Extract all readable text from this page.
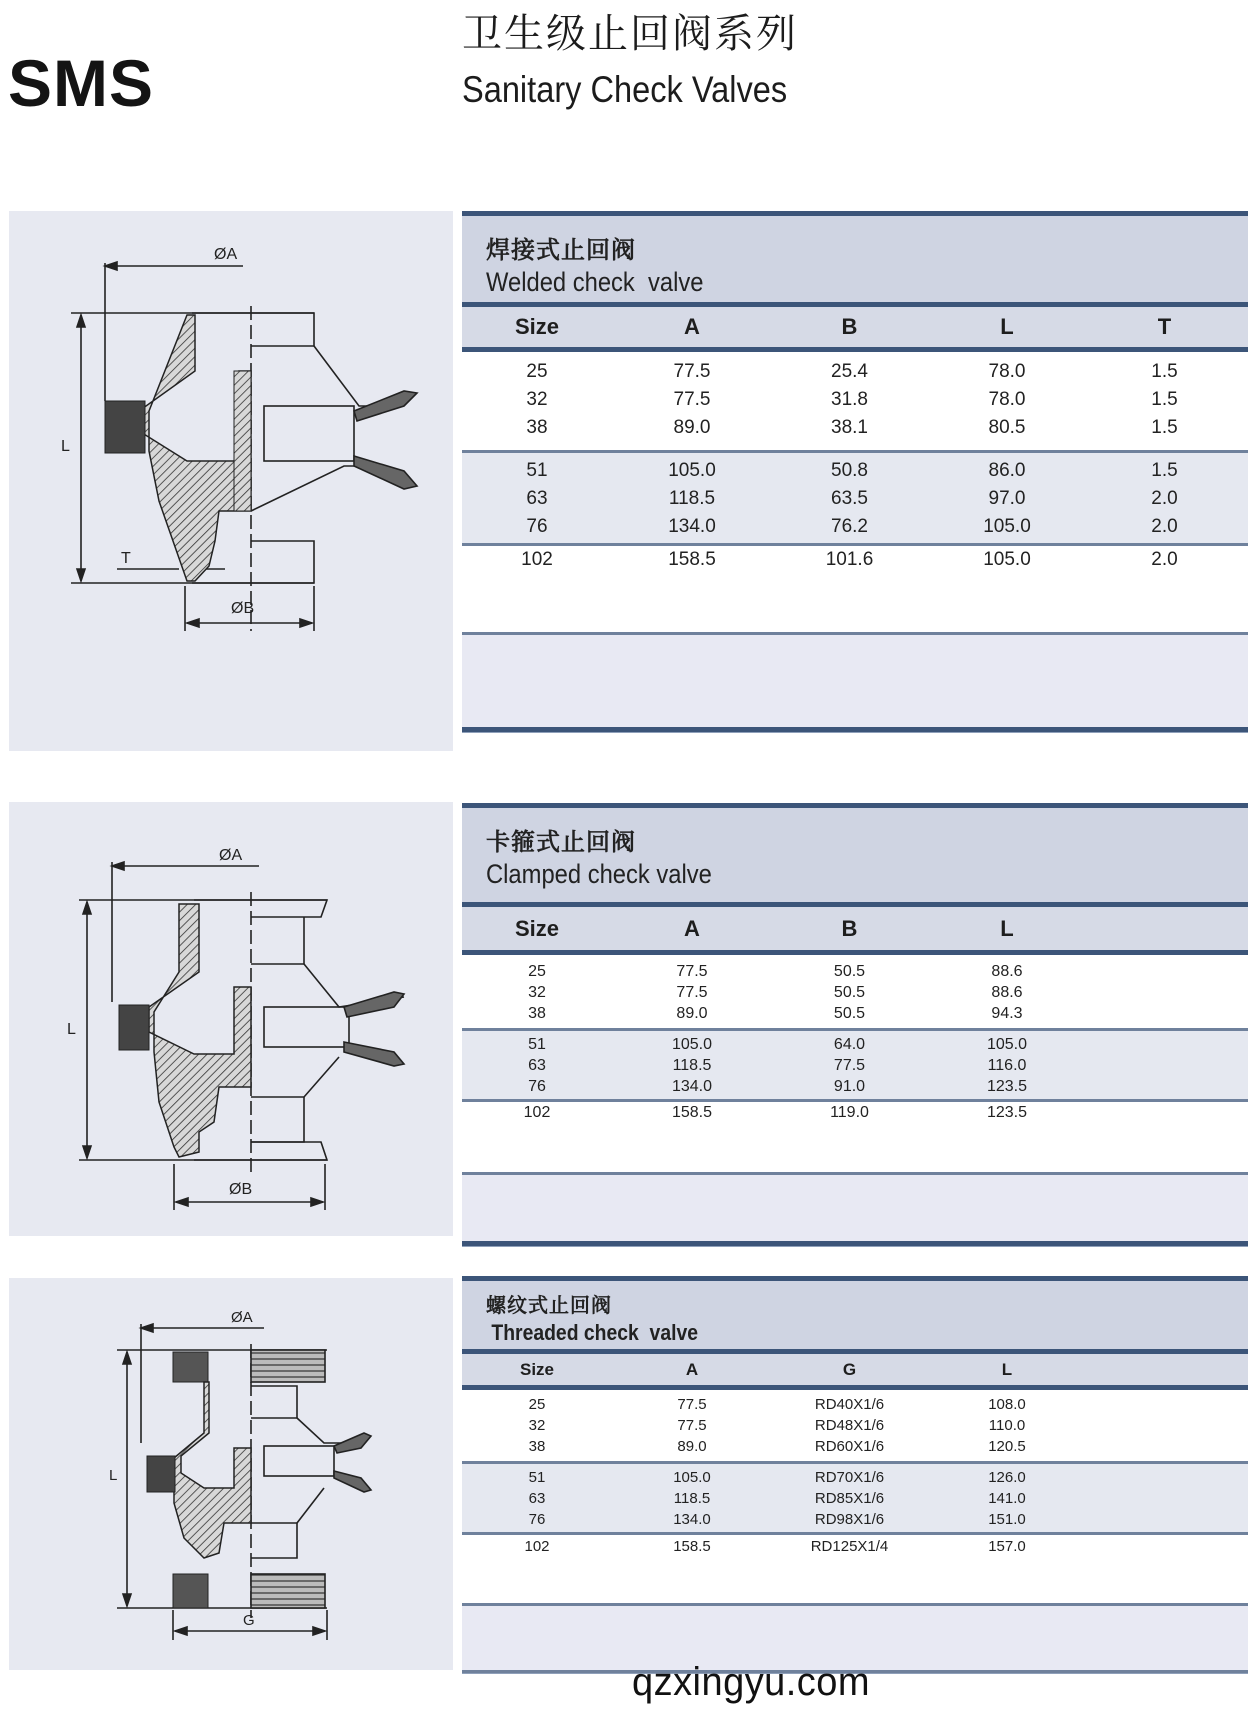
SMS
卫生级止回阀系列
Sanitary Check Valves
ØA
L
T
ØB
焊接式止回阀
Welded check  valve
Size	A	B	L	T
25	77.5	25.4	78.0	1.5
32	77.5	31.8	78.0	1.5
38	89.0	38.1	80.5	1.5
51	105.0	50.8	86.0	1.5
63	118.5	63.5	97.0	2.0
76	134.0	76.2	105.0	2.0
102	158.5	101.6	105.0	2.0
ØA
L
ØB
卡箍式止回阀
Clamped check valve
Size	A	B	L
25	77.5	50.5	88.6
32	77.5	50.5	88.6
38	89.0	50.5	94.3
51	105.0	64.0	105.0
63	118.5	77.5	116.0
76	134.0	91.0	123.5
102	158.5	119.0	123.5
ØA
L
G
螺纹式止回阀
Threaded check  valve
Size	A	G	L
25	77.5	RD40X1/6	108.0
32	77.5	RD48X1/6	110.0
38	89.0	RD60X1/6	120.5
51	105.0	RD70X1/6	126.0
63	118.5	RD85X1/6	141.0
76	134.0	RD98X1/6	151.0
102	158.5	RD125X1/4	157.0
qzxingyu.com
